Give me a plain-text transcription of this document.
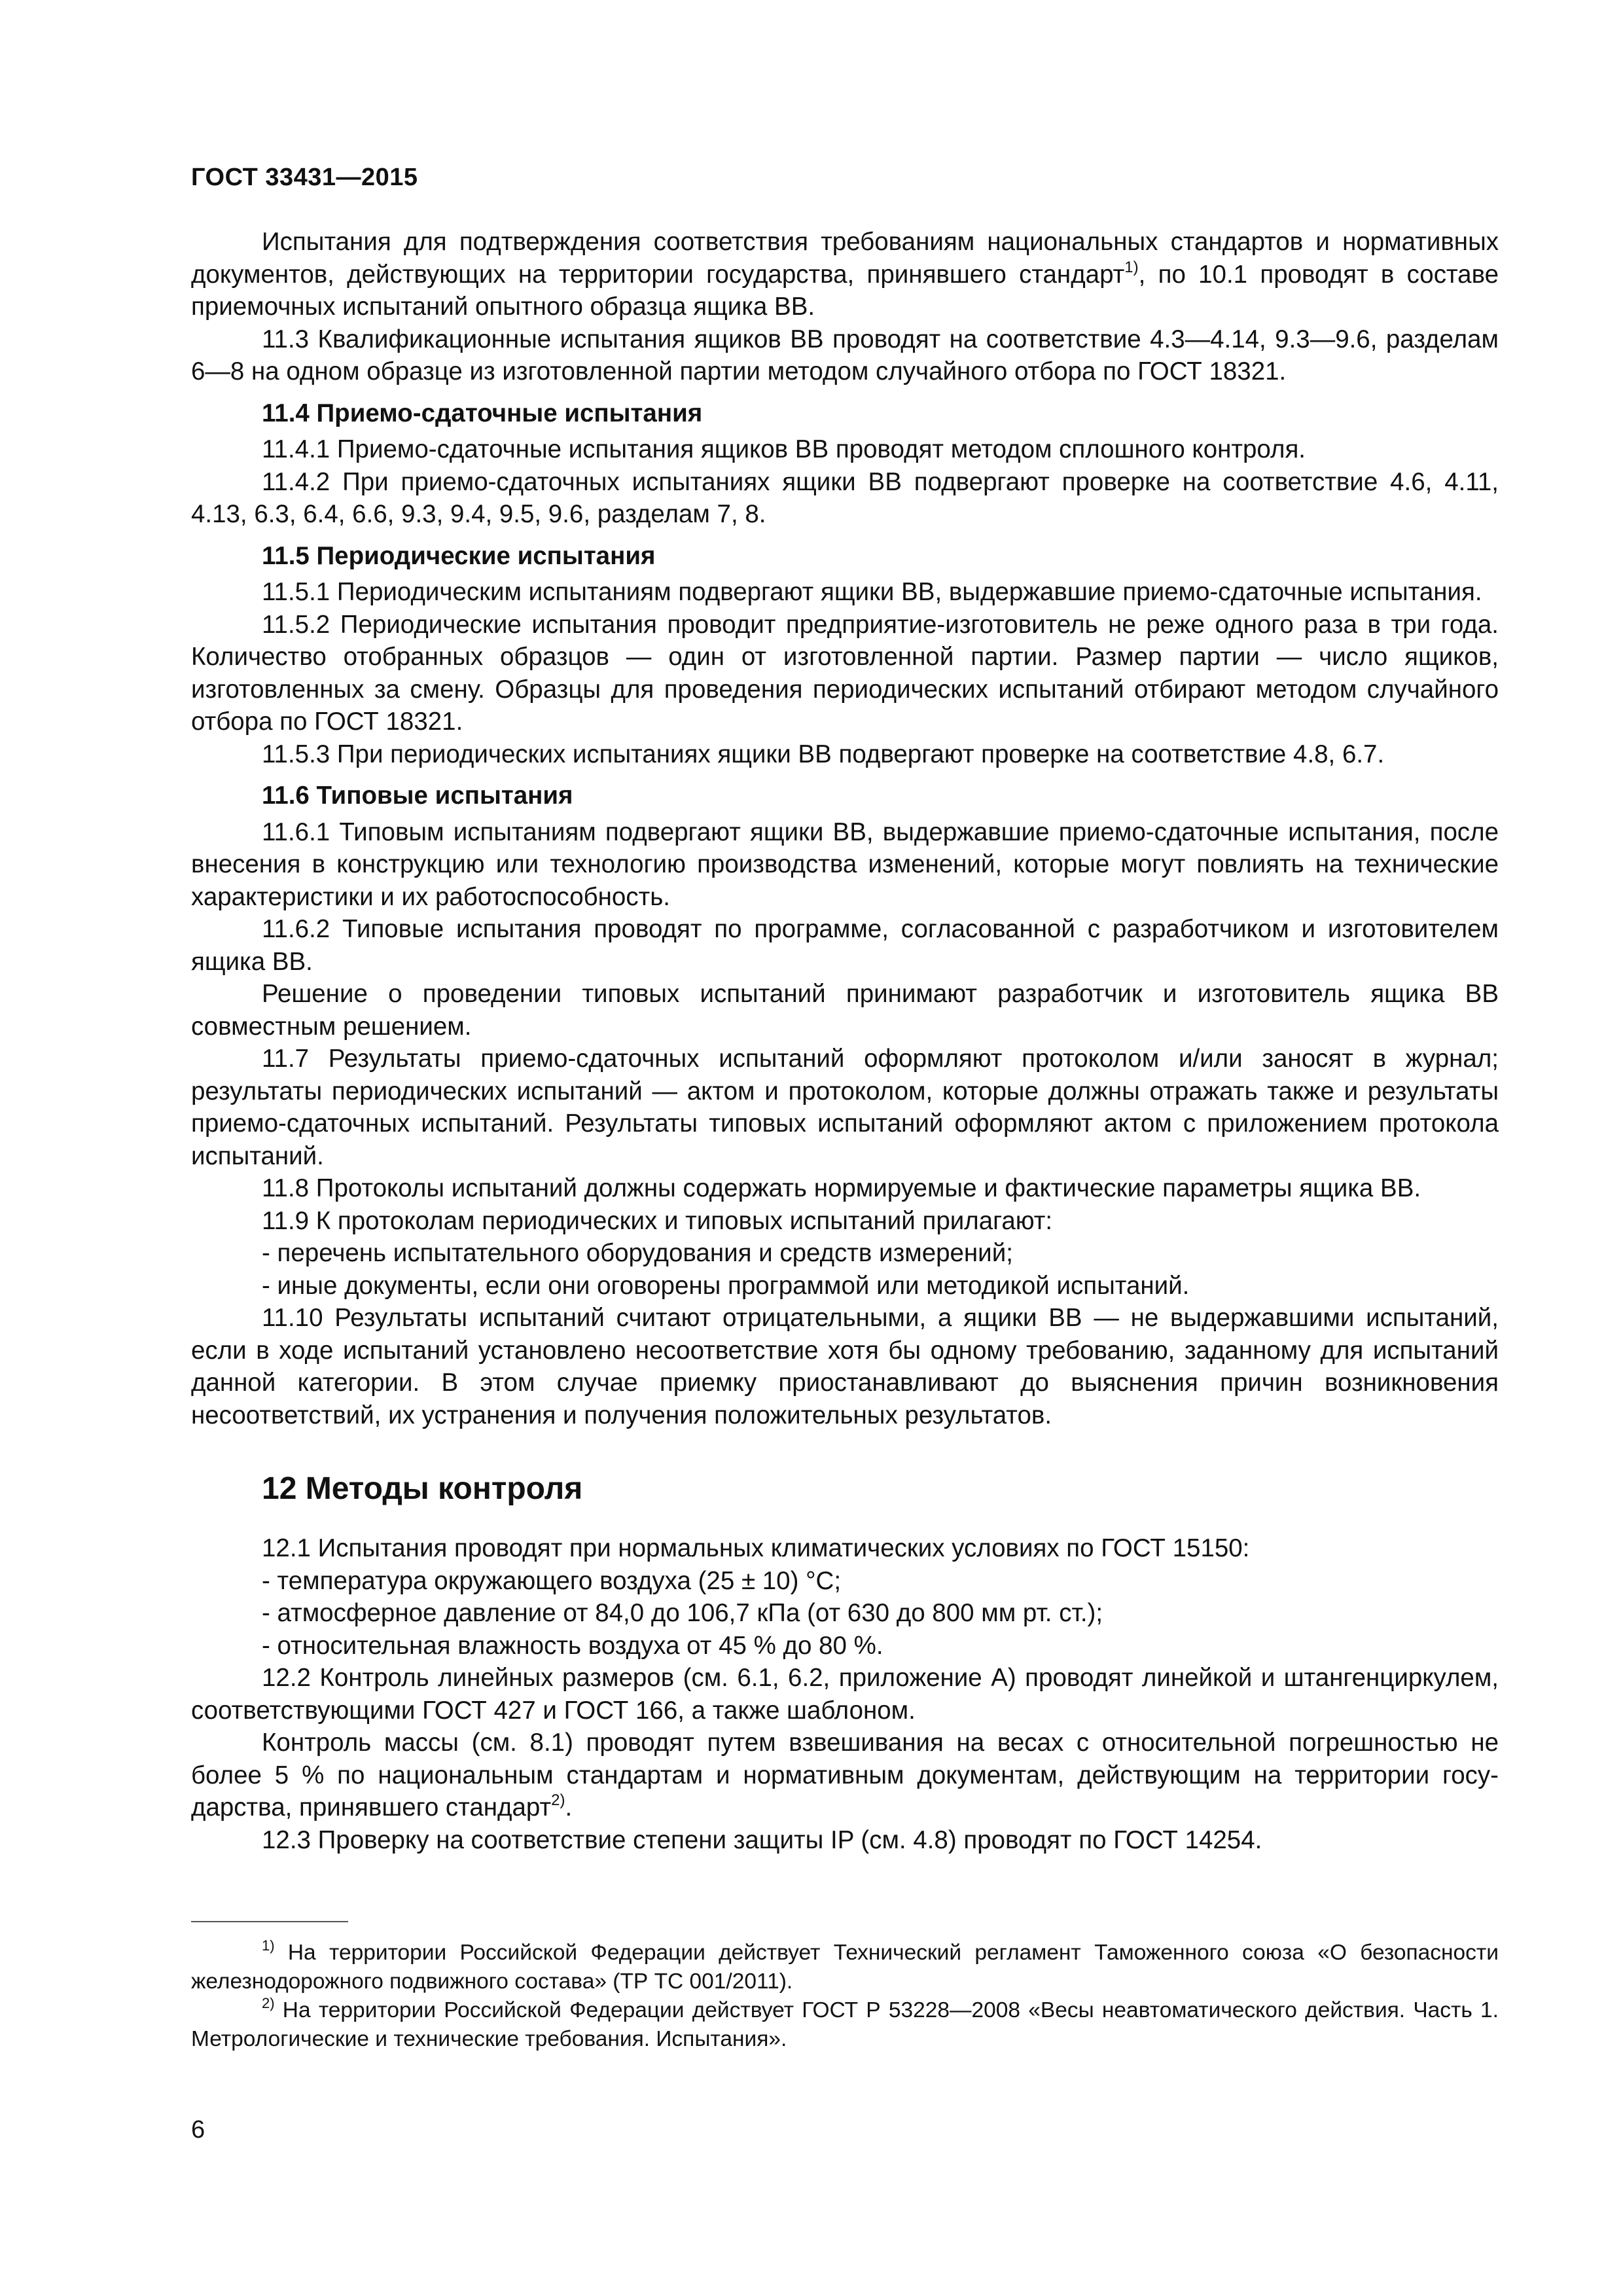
ГОСТ 33431—2015

Испытания для подтверждения соответствия требованиям национальных стандартов и нормативных документов, действующих на территории государства, принявшего стандарт$^{1)}$, по 10.1 проводят в составе приемочных испытаний опытного образца ящика ВВ.

11.3 Квалификационные испытания ящиков ВВ проводят на соответствие 4.3—4.14, 9.3—9.6, разделам 6—8 на одном образце из изготовленной партии методом случайного отбора по ГОСТ 18321.

11.4 Приемо-сдаточные испытания

11.4.1 Приемо-сдаточные испытания ящиков ВВ проводят методом сплошного контроля.

11.4.2 При приемо-сдаточных испытаниях ящики ВВ подвергают проверке на соответствие 4.6, 4.11, 4.13, 6.3, 6.4, 6.6, 9.3, 9.4, 9.5, 9.6, разделам 7, 8.

11.5 Периодические испытания

11.5.1 Периодическим испытаниям подвергают ящики ВВ, выдержавшие приемо-сдаточные испытания.

11.5.2 Периодические испытания проводит предприятие-изготовитель не реже одного раза в три года. Количество отобранных образцов — один от изготовленной партии. Размер партии — число ящиков, изготовленных за смену. Образцы для проведения периодических испытаний отбирают методом случайного отбора по ГОСТ 18321.

11.5.3 При периодических испытаниях ящики ВВ подвергают проверке на соответствие 4.8, 6.7.

11.6 Типовые испытания

11.6.1 Типовым испытаниям подвергают ящики ВВ, выдержавшие приемо-сдаточные испытания, после внесения в конструкцию или технологию производства изменений, которые могут повлиять на технические характеристики и их работоспособность.

11.6.2 Типовые испытания проводят по программе, согласованной с разработчиком и изготовителем ящика ВВ.

Решение о проведении типовых испытаний принимают разработчик и изготовитель ящика ВВ совместным решением.

11.7 Результаты приемо-сдаточных испытаний оформляют протоколом и/или заносят в журнал; результаты периодических испытаний — актом и протоколом, которые должны отражать также и результаты приемо-сдаточных испытаний. Результаты типовых испытаний оформляют актом с приложением протокола испытаний.

11.8 Протоколы испытаний должны содержать нормируемые и фактические параметры ящика ВВ.

11.9 К протоколам периодических и типовых испытаний прилагают:

- перечень испытательного оборудования и средств измерений;

- иные документы, если они оговорены программой или методикой испытаний.

11.10 Результаты испытаний считают отрицательными, а ящики ВВ — не выдержавшими испытаний, если в ходе испытаний установлено несоответствие хотя бы одному требованию, заданному для испытаний данной категории. В этом случае приемку приостанавливают до выяснения причин возникновения несоответствий, их устранения и получения положительных результатов.

12 Методы контроля

12.1 Испытания проводят при нормальных климатических условиях по ГОСТ 15150:

- температура окружающего воздуха (25 ± 10) °С;

- атмосферное давление от 84,0 до 106,7 кПа (от 630 до 800 мм рт. ст.);

- относительная влажность воздуха от 45 % до 80 %.

12.2 Контроль линейных размеров (см. 6.1, 6.2, приложение А) проводят линейкой и штангенциркулем, соответствующими ГОСТ 427 и ГОСТ 166, а также шаблоном.

Контроль массы (см. 8.1) проводят путем взвешивания на весах с относительной погрешностью не более 5 % по национальным стандартам и нормативным документам, действующим на территории государства, принявшего стандарт$^{2)}$.

12.3 Проверку на соответствие степени защиты IP (см. 4.8) проводят по ГОСТ 14254.

$^{1)}$ На территории Российской Федерации действует Технический регламент Таможенного союза «О безопасности железнодорожного подвижного состава» (ТР ТС 001/2011).

$^{2)}$ На территории Российской Федерации действует ГОСТ Р 53228—2008 «Весы неавтоматического действия. Часть 1. Метрологические и технические требования. Испытания».

6
